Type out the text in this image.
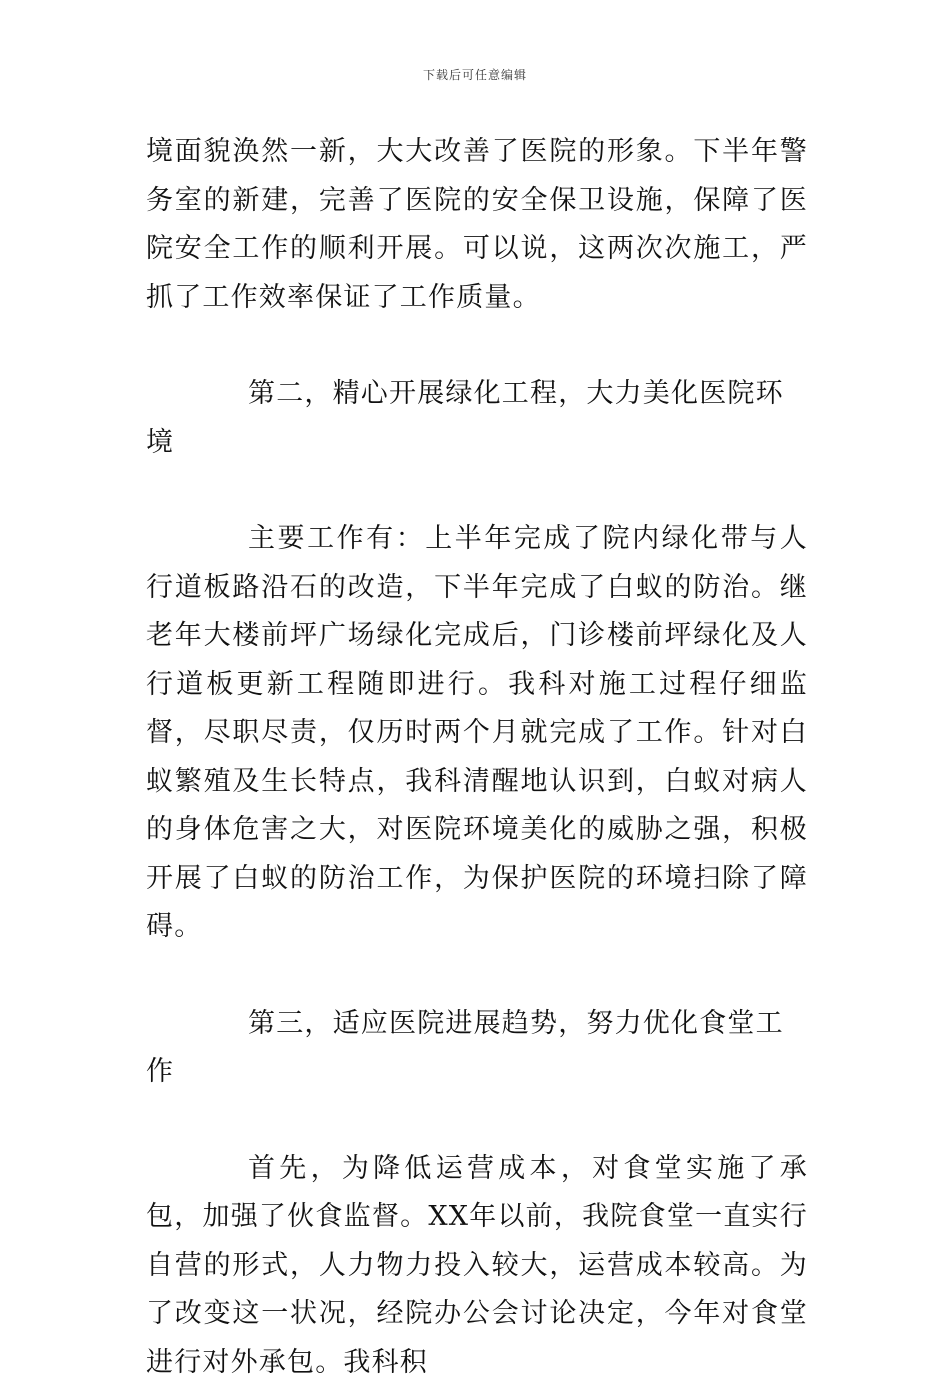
下载后可任意编辑

境面貌涣然一新，大大改善了医院的形象。下半年警务室的新建，完善了医院的安全保卫设施，保障了医院安全工作的顺利开展。可以说，这两次次施工，严抓了工作效率保证了工作质量。

第二，精心开展绿化工程，大力美化医院环境

主要工作有：上半年完成了院内绿化带与人行道板路沿石的改造，下半年完成了白蚁的防治。继老年大楼前坪广场绿化完成后，门诊楼前坪绿化及人行道板更新工程随即进行。我科对施工过程仔细监督，尽职尽责，仅历时两个月就完成了工作。针对白蚁繁殖及生长特点，我科清醒地认识到，白蚁对病人的身体危害之大，对医院环境美化的威胁之强，积极开展了白蚁的防治工作，为保护医院的环境扫除了障碍。

第三，适应医院进展趋势，努力优化食堂工作

首先，为降低运营成本，对食堂实施了承包，加强了伙食监督。XX年以前，我院食堂一直实行自营的形式，人力物力投入较大，运营成本较高。为了改变这一状况，经院办公会讨论决定，今年对食堂进行对外承包。我科积
